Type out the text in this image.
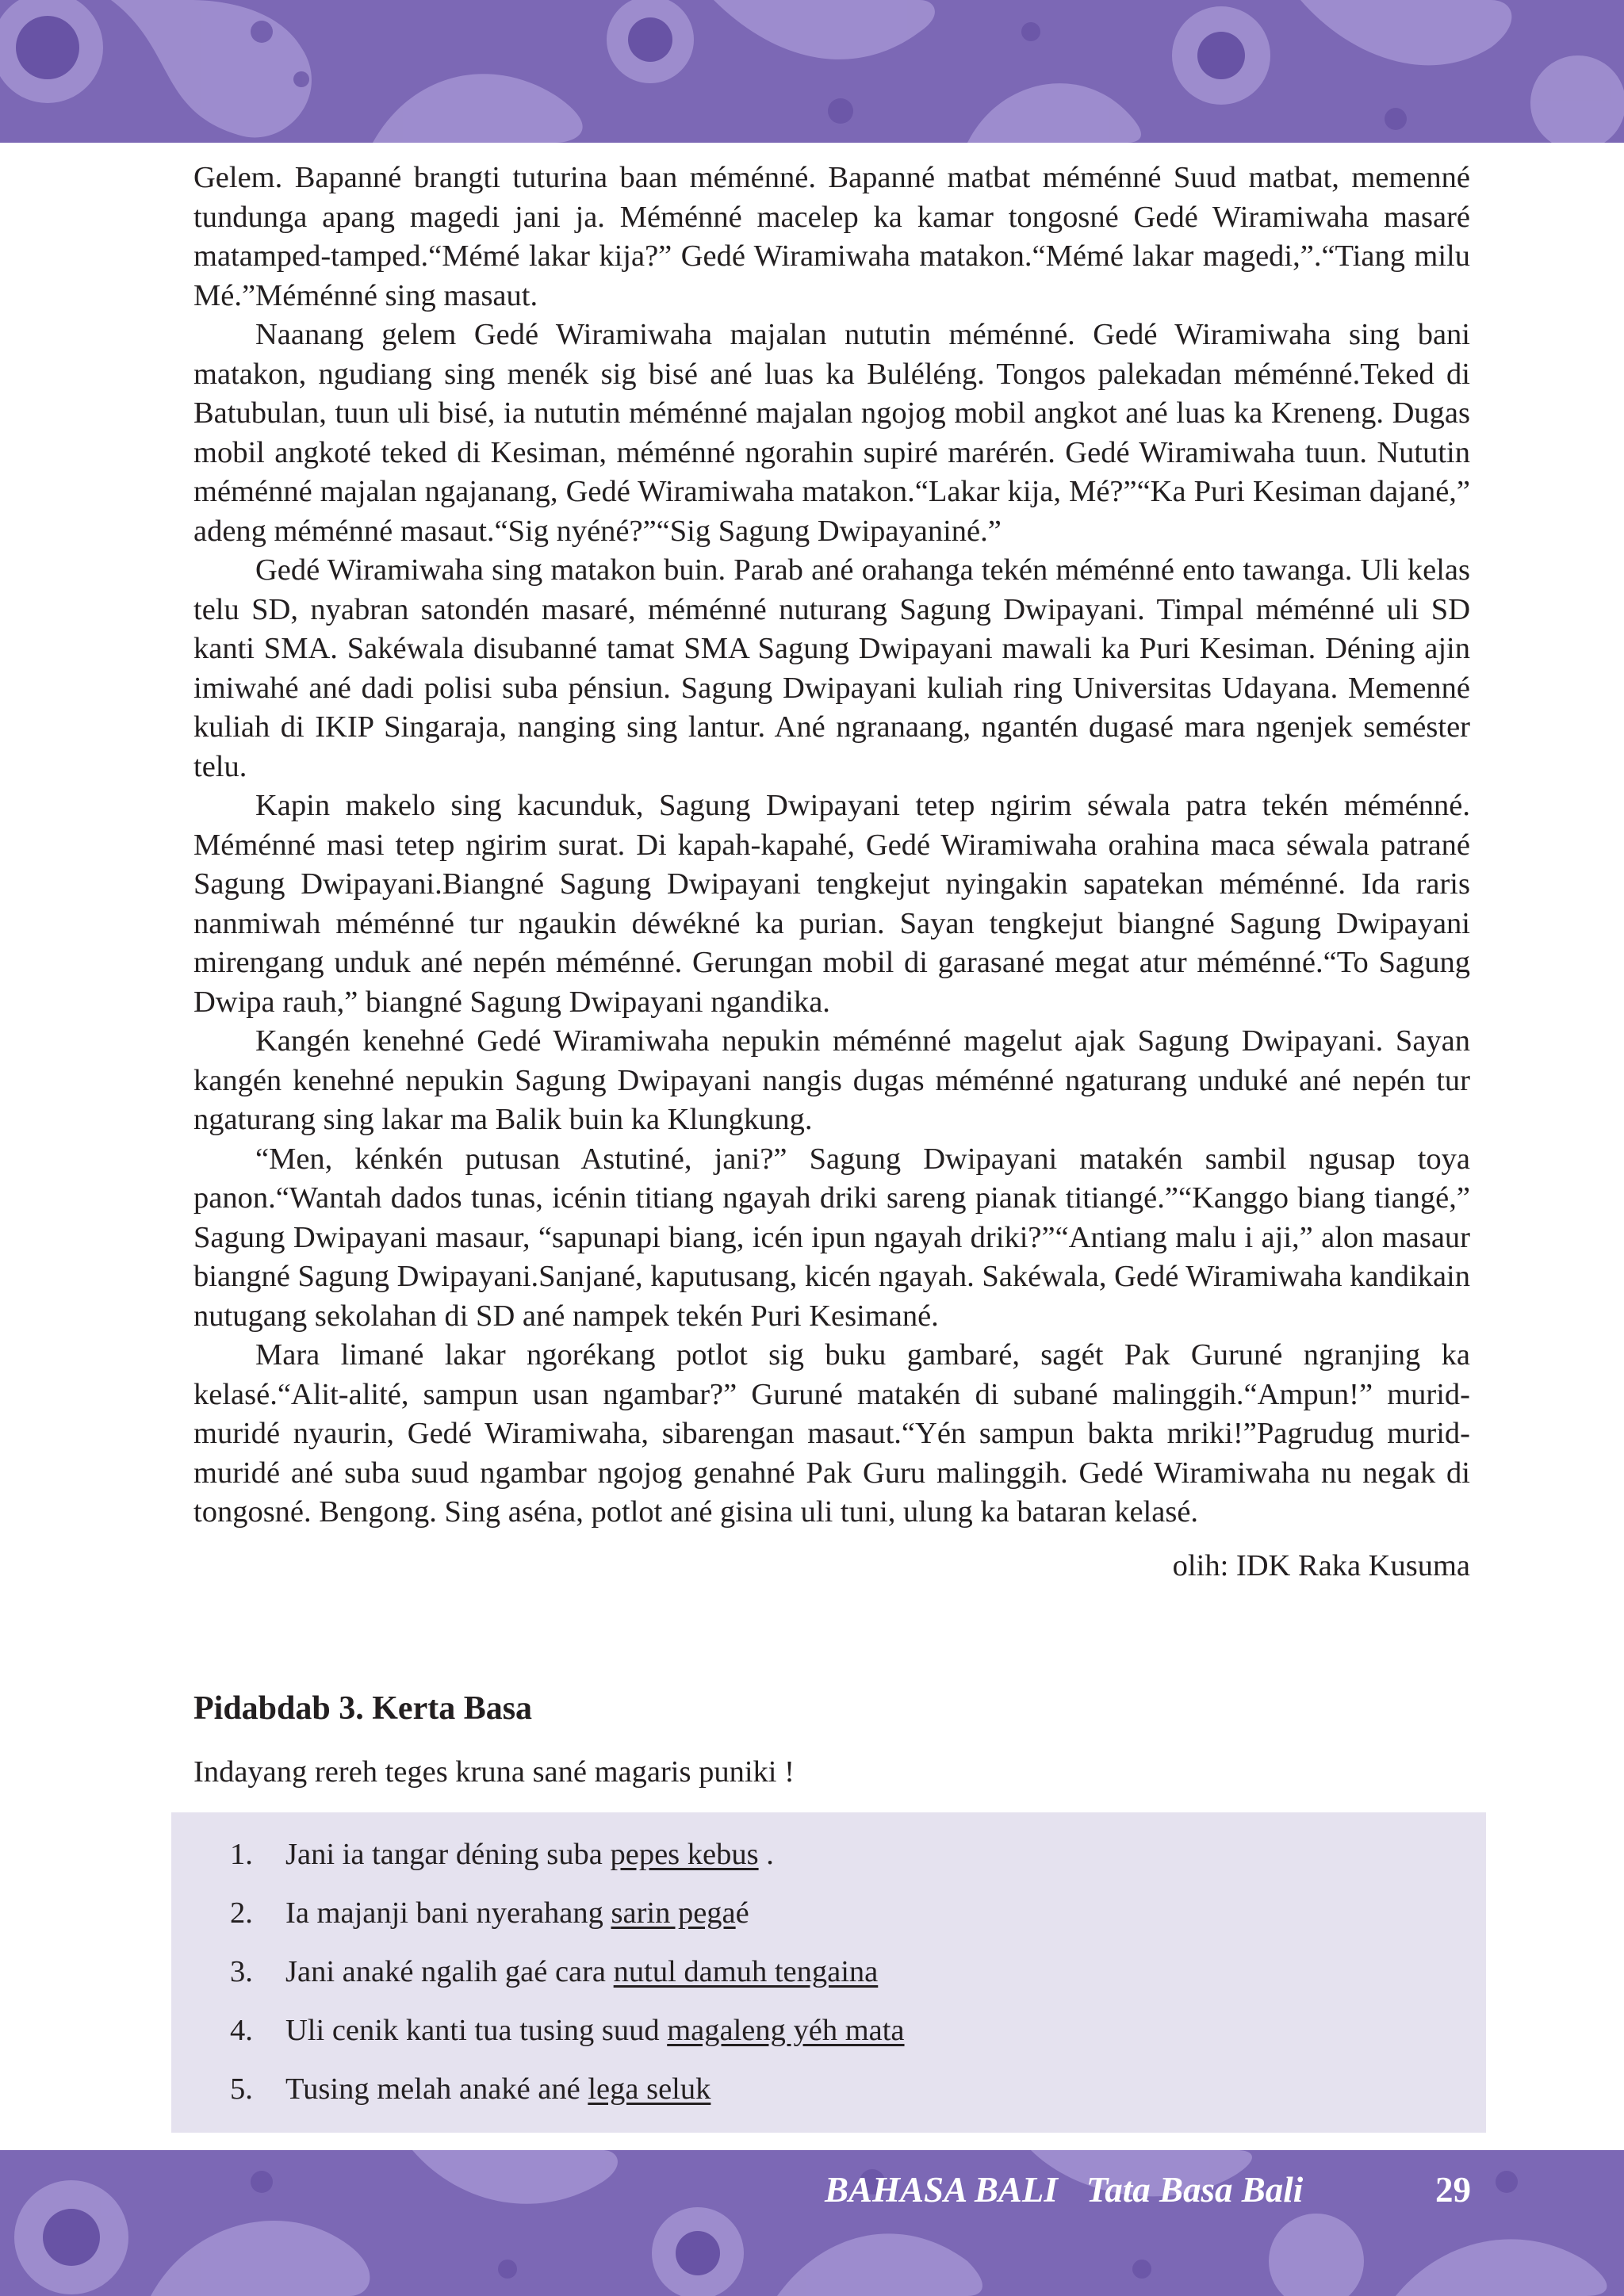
Gelem. Bapanné brangti tuturina baan méménné. Bapanné matbat méménné Suud matbat, memenné tundunga apang magedi jani ja. Méménné macelep ka kamar tongosné Gedé Wiramiwaha masaré matamped-tamped.“Mémé lakar kija?” Gedé Wiramiwaha matakon.“Mémé lakar magedi,”.“Tiang milu Mé.”Méménné sing masaut.

Naanang gelem Gedé Wiramiwaha majalan nututin méménné. Gedé Wiramiwaha sing bani matakon, ngudiang sing menék sig bisé ané luas ka Buléléng. Tongos palekadan méménné.Teked di Batubulan, tuun uli bisé, ia nututin méménné majalan ngojog mobil angkot ané luas ka Kreneng. Dugas mobil angkoté teked di Kesiman, méménné ngorahin supiré marérén. Gedé Wiramiwaha tuun. Nututin méménné majalan ngajanang, Gedé Wiramiwaha matakon.“Lakar kija, Mé?”“Ka Puri Kesiman dajané,” adeng méménné masaut.“Sig nyéné?”“Sig Sagung Dwipayaniné.”

Gedé Wiramiwaha sing matakon buin. Parab ané orahanga tekén méménné ento tawanga. Uli kelas telu SD, nyabran satondén masaré, méménné nuturang Sagung Dwipayani. Timpal méménné uli SD kanti SMA. Sakéwala disubanné tamat SMA Sagung Dwipayani mawali ka Puri Kesiman. Déning ajin imiwahé ané dadi polisi suba pénsiun. Sagung Dwipayani kuliah ring Universitas Udayana. Memenné kuliah di IKIP Singaraja, nanging sing lantur. Ané ngranaang, ngantén dugasé mara ngenjek seméster telu.

Kapin makelo sing kacunduk, Sagung Dwipayani tetep ngirim séwala patra tekén méménné. Méménné masi tetep ngirim surat. Di kapah-kapahé, Gedé Wiramiwaha orahina maca séwala patrané Sagung Dwipayani.Biangné Sagung Dwipayani tengkejut nyingakin sapatekan méménné. Ida raris nanmiwah méménné tur ngaukin déwékné ka purian. Sayan tengkejut biangné Sagung Dwipayani mirengang unduk ané nepén méménné. Gerungan mobil di garasané megat atur méménné.“To Sagung Dwipa rauh,” biangné Sagung Dwipayani ngandika.

Kangén kenehné Gedé Wiramiwaha nepukin méménné magelut ajak Sagung Dwipayani. Sayan kangén kenehné nepukin Sagung Dwipayani nangis dugas méménné ngaturang unduké ané nepén tur ngaturang sing lakar ma Balik buin ka Klungkung.

“Men, kénkén putusan Astutiné, jani?” Sagung Dwipayani matakén sambil ngusap toya panon.“Wantah dados tunas, icénin titiang ngayah driki sareng pianak titiangé.”“Kanggo biang tiangé,” Sagung Dwipayani masaur, “sapunapi biang, icén ipun ngayah driki?”“Antiang malu i aji,” alon masaur biangné Sagung Dwipayani.Sanjané, kaputusang, kicén ngayah. Sakéwala, Gedé Wiramiwaha kandikain nutugang sekolahan di SD ané nampek tekén Puri Kesimané.

Mara limané lakar ngorékang potlot sig buku gambaré, sagét Pak Guruné ngranjing ka kelasé.“Alit-alité, sampun usan ngambar?” Guruné matakén di subané malinggih.“Ampun!” murid-muridé nyaurin, Gedé Wiramiwaha, sibarengan masaut.“Yén sampun bakta mriki!”Pagrudug murid-muridé ané suba suud ngambar ngojog genahné Pak Guru malinggih. Gedé Wiramiwaha nu negak di tongosné. Bengong. Sing aséna, potlot ané gisina uli tuni, ulung ka bataran kelasé.

olih: IDK Raka Kusuma
Pidabdab 3. Kerta Basa
Indayang rereh teges kruna sané magaris puniki !
1. Jani ia tangar déning suba pepes kebus .
2. Ia majanji bani nyerahang sarin pegaé
3. Jani anaké ngalih gaé cara nutul damuh tengaina
4. Uli cenik kanti tua tusing suud magaleng yéh mata
5. Tusing melah anaké ané lega seluk
BAHASA BALI Tata Basa Bali	29
